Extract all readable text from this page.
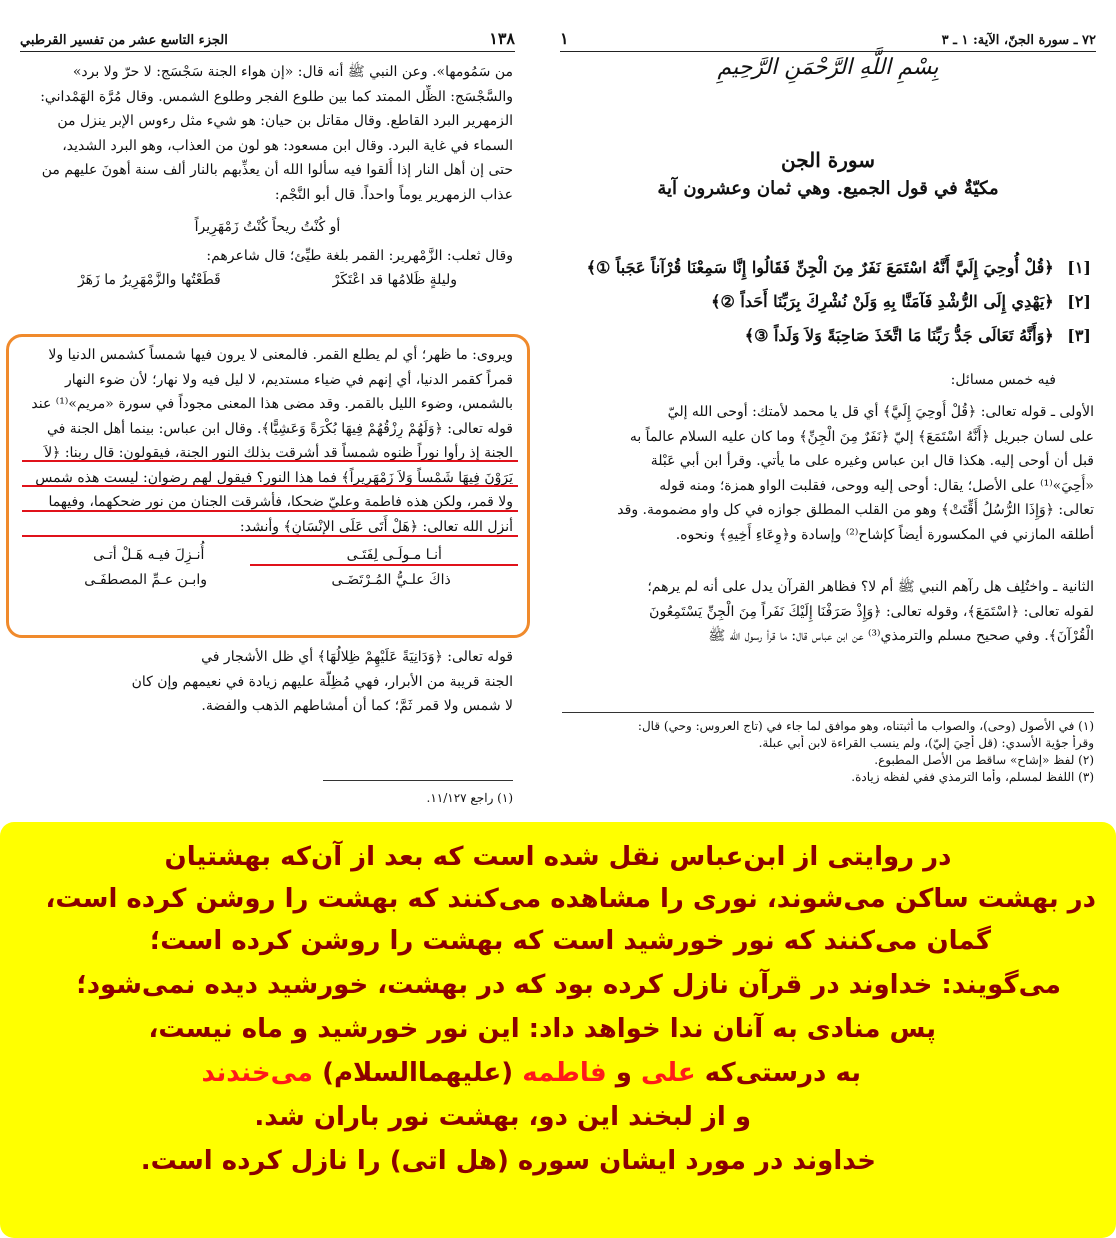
١٣٨
الجزء التاسع عشر من تفسير القرطبي
من سَمُومها». وعن النبي ﷺ أنه قال: «إن هواء الجنة سَجْسَج: لا حرّ ولا برد»
والسَّجْسَج: الظِّل الممتد كما بين طلوع الفجر وطلوع الشمس. وقال مُرَّة الهَمْداني:
الزمهرير البرد القاطع. وقال مقاتل بن حيان: هو شيء مثل رءوس الإبر ينزل من
السماء في غاية البرد. وقال ابن مسعود: هو لون من العذاب، وهو البرد الشديد،
حتى إن أهل النار إذا أُلقوا فيه سألوا الله أن يعذِّبهم بالنار ألف سنة أهونَ عليهم من
عذاب الزمهرير يوماً واحداً. قال أبو النَّجْم:
أو كُنْتُ ريحاً كُنْتُ زَمْهَرِيراً
وقال ثعلب: الزَّمْهرير: القمر بلغة طيِّئ؛ قال شاعرهم:
وليلةٍ ظَلامُها قد اعْتَكَرْ
قَطَعْتُها والزَّمْهَرِيرُ ما زَهَرْ
ويروى: ما ظهر؛ أي لم يطلع القمر. فالمعنى لا يرون فيها شمساً كشمس الدنيا ولا
قمراً كقمر الدنيا، أي إنهم في ضياء مستديم، لا ليل فيه ولا نهار؛ لأن ضوء النهار
بالشمس، وضوء الليل بالقمر. وقد مضى هذا المعنى مجوداً في سورة «مريم»⁽¹⁾ عند
قوله تعالى: ﴿وَلَهُمْ رِزْقُهُمْ فِيهَا بُكْرَةً وَعَشِيًّا﴾. وقال ابن عباس: بينما أهل الجنة في
الجنة إذ رأوا نوراً ظنوه شمساً قد أشرقت بذلك النور الجنة، فيقولون: قال ربنا: ﴿لاَ
يَرَوْنَ فِيهَا شَمْساً وَلاَ زَمْهَرِيراً﴾ فما هذا النور؟ فيقول لهم رضوان: ليست هذه شمس
ولا قمر، ولكن هذه فاطمة وعليّ ضحكا، فأشرقت الجنان من نور ضحكهما، وفيهما
أنزل الله تعالى: ﴿هَلْ أَتَى عَلَى الإِنْسَانِ﴾ وأنشد:
أنـا مـولَـى لِفَتَـى
أُنـزِلَ فيـه هَـلْ أتـى
ذاكَ علـيُّ المُـرْتَضَـى
وابـن عـمِّ المصطفَـى
قوله تعالى: ﴿وَدَانِيَةً عَلَيْهِمْ ظِلالُهَا﴾ أي ظل الأشجار في
الجنة قريبة من الأبرار، فهي مُظِلّة عليهم زيادة في نعيمهم وإن كان
لا شمس ولا قمر ثَمَّ؛ كما أن أمشاطهم الذهب والفضة.
(١) راجع ١١/١٢٧.
٧٢ ـ سورة الجنّ، الآية: ١ ـ ٣
١
بِسْمِ اللَّهِ الرَّحْمَنِ الرَّحِيمِ
سورة الجن
مكيّةٌ في قول الجميع. وهي ثمان وعشرون آية
[١] ﴿قُلْ أُوحِيَ إِلَيَّ أَنَّهُ اسْتَمَعَ نَفَرٌ مِنَ الْجِنِّ فَقَالُوا إِنَّا سَمِعْنَا قُرْآناً عَجَباً ①﴾
[٢] ﴿يَهْدِي إِلَى الرُّشْدِ فَآمَنَّا بِهِ وَلَنْ نُشْرِكَ بِرَبِّنَا أَحَداً ②﴾
[٣] ﴿وَأَنَّهُ تَعَالَى جَدُّ رَبِّنَا مَا اتَّخَذَ صَاحِبَةً وَلاَ وَلَداً ③﴾
فيه خمس مسائل:
الأولى ـ قوله تعالى: ﴿قُلْ أُوحِيَ إِلَيَّ﴾ أي قل يا محمد لأمتك: أوحى الله إليّ
على لسان جبريل ﴿أَنَّهُ اسْتَمَعَ﴾ إليّ ﴿نَفَرٌ مِنَ الْجِنِّ﴾ وما كان عليه السلام عالماً به
قبل أن أوحى إليه. هكذا قال ابن عباس وغيره على ما يأتي. وقرأ ابن أبي عَبْلة
«أُحِيَ»⁽¹⁾ على الأصل؛ يقال: أوحى إليه ووحى، فقلبت الواو همزة؛ ومنه قوله
تعالى: ﴿وَإِذَا الرُّسُلُ أُقِّتَتْ﴾ وهو من القلب المطلق جوازه في كل واو مضمومة. وقد
أطلقه المازني في المكسورة أيضاً كإشاح⁽²⁾ وإسادة و﴿وِعَاءِ أَخِيهِ﴾ ونحوه.
الثانية ـ واختُلِف هل رآهم النبي ﷺ أم لا؟ فظاهر القرآن يدل على أنه لم يرهم؛
لقوله تعالى: ﴿اسْتَمَعَ﴾، وقوله تعالى: ﴿وَإِذْ صَرَفْنَا إِلَيْكَ نَفَراً مِنَ الْجِنِّ يَسْتَمِعُونَ
الْقُرْآنَ﴾. وفي صحيح مسلم والترمذي⁽³⁾ عن ابن عباس قال: ما قرأ رسول الله ﷺ
(١) في الأصول (وحى)، والصواب ما أثبتناه، وهو موافق لما جاء في (تاج العروس: وحي) قال:
وقرأ جؤية الأسدي: (قل أُحِيَ إليّ)، ولم ينسب القراءة لابن أبي عبلة.
(٢) لفظ «إشاح» ساقط من الأصل المطبوع.
(٣) اللفظ لمسلم، وأما الترمذي ففي لفظه زيادة.
در روایتی از ابن‌عباس نقل شده است که بعد از آن‌که بهشتیان
در بهشت ساکن می‌شوند، نوری را مشاهده می‌کنند که بهشت را روشن کرده است،
گمان می‌کنند که نور خورشید است که بهشت را روشن کرده است؛
می‌گویند: خداوند در قرآن نازل کرده بود که در بهشت، خورشید دیده نمی‌شود؛
پس منادی به آنان ندا خواهد داد: این نور خورشید و ماه نیست،
به درستی‌که علی و فاطمه (علیهماالسلام) می‌خندند
و از لبخند این دو، بهشت نور باران شد.
خداوند در مورد ایشان سوره (هل اتی) را نازل کرده است.
